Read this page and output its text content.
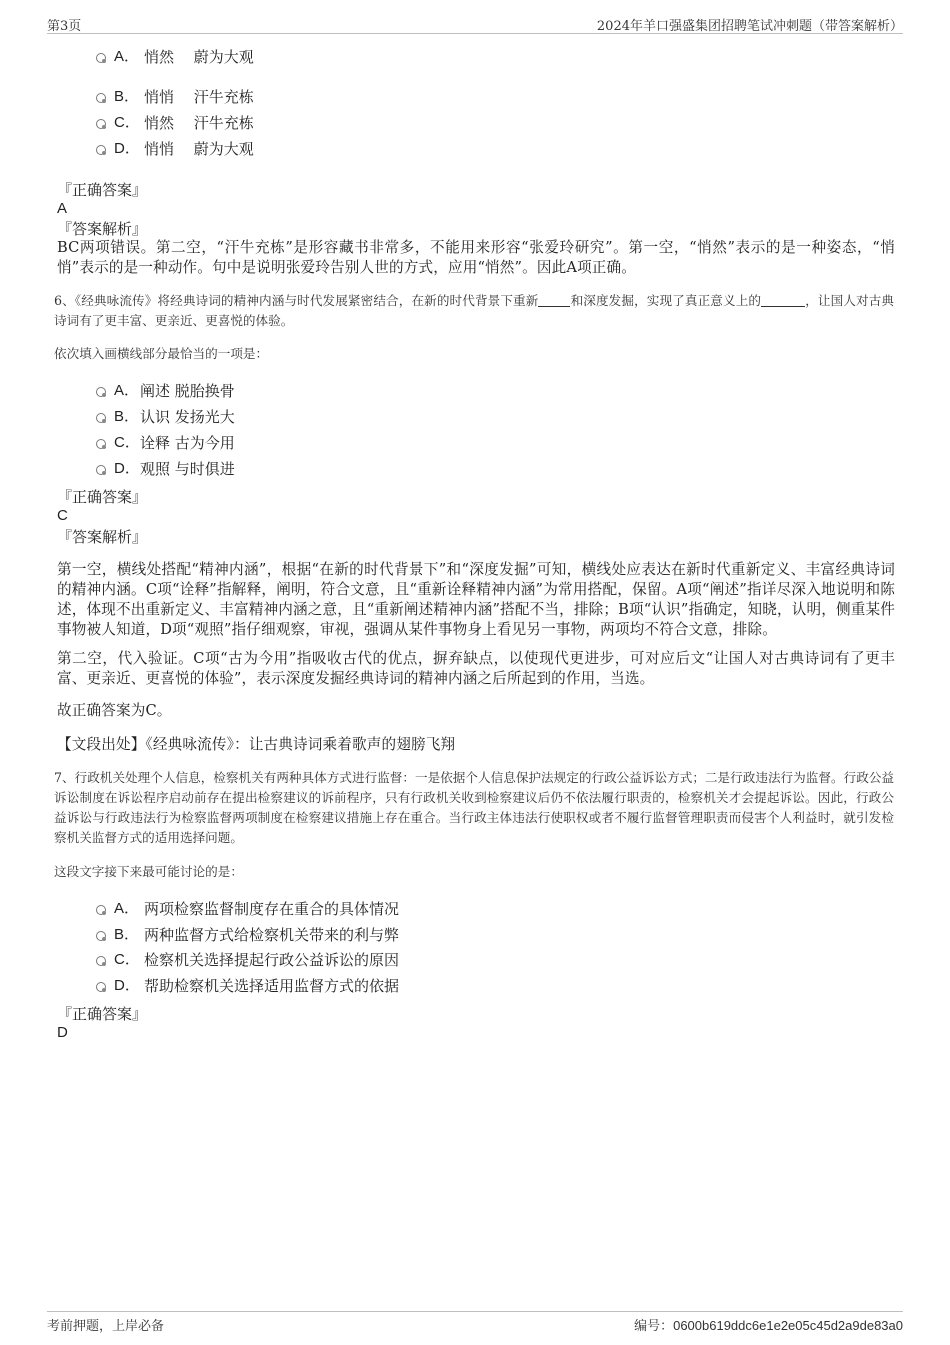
第3页	2024年羊口强盛集团招聘笔试冲刺题（带答案解析）
A． 悄然　 蔚为大观
B． 悄悄　 汗牛充栋
C． 悄然　 汗牛充栋
D． 悄悄　 蔚为大观
『正确答案』
A
『答案解析』
BC两项错误。第二空，“汗牛充栋”是形容藏书非常多，不能用来形容“张爱玲研究”。第一空，“悄然”表示的是一种姿态，“悄悄”表示的是一种动作。句中是说明张爱玲告别人世的方式，应用“悄然”。因此A项正确。
6、《经典咏流传》将经典诗词的精神内涵与时代发展紧密结合，在新的时代背景下重新	和深度发掘，实现了真正意义上的	，让国人对古典诗词有了更丰富、更亲近、更喜悦的体验。
依次填入画横线部分最恰当的一项是：
A． 阐述 脱胎换骨
B． 认识 发扬光大
C． 诠释 古为今用
D． 观照 与时俱进
『正确答案』
C
『答案解析』
第一空，横线处搭配“精神内涵”，根据“在新的时代背景下”和“深度发掘”可知，横线处应表达在新时代重新定义、丰富经典诗词的精神内涵。C项“诠释”指解释，阐明，符合文意，且“重新诠释精神内涵”为常用搭配，保留。A项“阐述”指详尽深入地说明和陈述，体现不出重新定义、丰富精神内涵之意，且“重新阐述精神内涵”搭配不当，排除；B项“认识”指确定，知晓，认明，侧重某件事物被人知道，D项“观照”指仔细观察，审视，强调从某件事物身上看见另一事物，两项均不符合文意，排除。
第二空，代入验证。C项“古为今用”指吸收古代的优点，摒弃缺点，以使现代更进步，可对应后文“让国人对古典诗词有了更丰富、更亲近、更喜悦的体验”，表示深度发掘经典诗词的精神内涵之后所起到的作用，当选。
故正确答案为C。
【文段出处】《经典咏流传》：让古典诗词乘着歌声的翅膀飞翔
7、行政机关处理个人信息，检察机关有两种具体方式进行监督：一是依据个人信息保护法规定的行政公益诉讼方式；二是行政违法行为监督。行政公益诉讼制度在诉讼程序启动前存在提出检察建议的诉前程序，只有行政机关收到检察建议后仍不依法履行职责的，检察机关才会提起诉讼。因此，行政公益诉讼与行政违法行为检察监督两项制度在检察建议措施上存在重合。当行政主体违法行使职权或者不履行监督管理职责而侵害个人利益时，就引发检察机关监督方式的适用选择问题。
这段文字接下来最可能讨论的是：
A． 两项检察监督制度存在重合的具体情况
B． 两种监督方式给检察机关带来的利与弊
C． 检察机关选择提起行政公益诉讼的原因
D． 帮助检察机关选择适用监督方式的依据
『正确答案』
D
考前押题，上岸必备	编号：0600b619ddc6e1e2e05c45d2a9de83a0
